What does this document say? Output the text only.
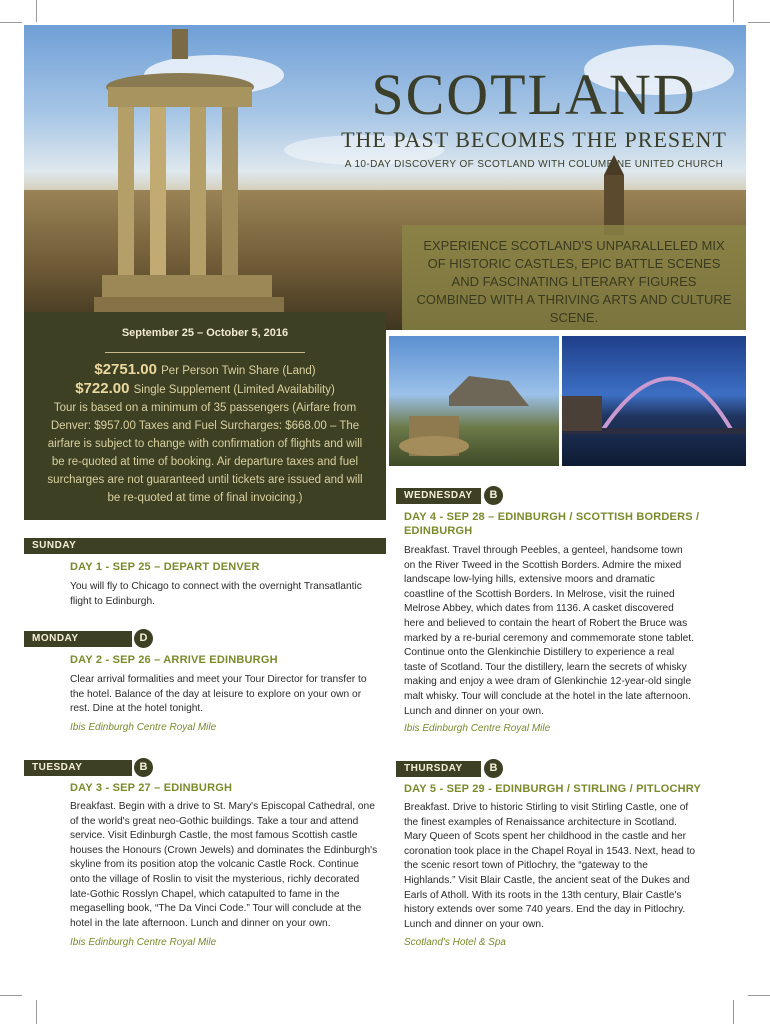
SCOTLAND
THE PAST BECOMES THE PRESENT
A 10-DAY DISCOVERY OF SCOTLAND WITH COLUMBINE UNITED CHURCH
EXPERIENCE SCOTLAND'S UNPARALLELED MIX OF HISTORIC CASTLES, EPIC BATTLE SCENES AND FASCINATING LITERARY FIGURES COMBINED WITH A THRIVING ARTS AND CULTURE SCENE.
September 25 – October 5, 2016
$2751.00 Per Person Twin Share (Land)
$722.00 Single Supplement (Limited Availability)
Tour is based on a minimum of 35 passengers (Airfare from Denver: $957.00 Taxes and Fuel Surcharges: $668.00 – The airfare is subject to change with confirmation of flights and will be re-quoted at time of booking. Air departure taxes and fuel surcharges are not guaranteed until tickets are issued and will be re-quoted at time of final invoicing.)
SUNDAY
DAY 1 - SEP 25 – DEPART DENVER
You will fly to Chicago to connect with the overnight Transatlantic flight to Edinburgh.
MONDAY	D
DAY 2 - SEP 26 – ARRIVE EDINBURGH
Clear arrival formalities and meet your Tour Director for transfer to the hotel. Balance of the day at leisure to explore on your own or rest. Dine at the hotel tonight.
Ibis Edinburgh Centre Royal Mile
TUESDAY	B
DAY 3 - SEP 27 – EDINBURGH
Breakfast. Begin with a drive to St. Mary's Episcopal Cathedral, one of the world's great neo-Gothic buildings. Take a tour and attend service. Visit Edinburgh Castle, the most famous Scottish castle houses the Honours (Crown Jewels) and dominates the Edinburgh's skyline from its position atop the volcanic Castle Rock. Continue onto the village of Roslin to visit the mysterious, richly decorated late-Gothic Rosslyn Chapel, which catapulted to fame in the megaselling book, “The Da Vinci Code.” Tour will conclude at the hotel in the late afternoon. Lunch and dinner on your own.
Ibis Edinburgh Centre Royal Mile
WEDNESDAY	B
DAY 4 - SEP 28 – EDINBURGH / SCOTTISH BORDERS / EDINBURGH
Breakfast. Travel through Peebles, a genteel, handsome town on the River Tweed in the Scottish Borders. Admire the mixed landscape low-lying hills, extensive moors and dramatic coastline of the Scottish Borders. In Melrose, visit the ruined Melrose Abbey, which dates from 1136. A casket discovered here and believed to contain the heart of Robert the Bruce was marked by a re-burial ceremony and commemorate stone tablet. Continue onto the Glenkinchie Distillery to experience a real taste of Scotland. Tour the distillery, learn the secrets of whisky making and enjoy a wee dram of Glenkinchie 12-year-old single malt whisky. Tour will conclude at the hotel in the late afternoon. Lunch and dinner on your own.
Ibis Edinburgh Centre Royal Mile
THURSDAY	B
DAY 5 - SEP 29 - EDINBURGH / STIRLING / PITLOCHRY
Breakfast. Drive to historic Stirling to visit Stirling Castle, one of the finest examples of Renaissance architecture in Scotland. Mary Queen of Scots spent her childhood in the castle and her coronation took place in the Chapel Royal in 1543. Next, head to the scenic resort town of Pitlochry, the “gateway to the Highlands.” Visit Blair Castle, the ancient seat of the Dukes and Earls of Atholl. With its roots in the 13th century, Blair Castle's history extends over some 740 years. End the day in Pitlochry. Lunch and dinner on your own.
Scotland's Hotel & Spa
